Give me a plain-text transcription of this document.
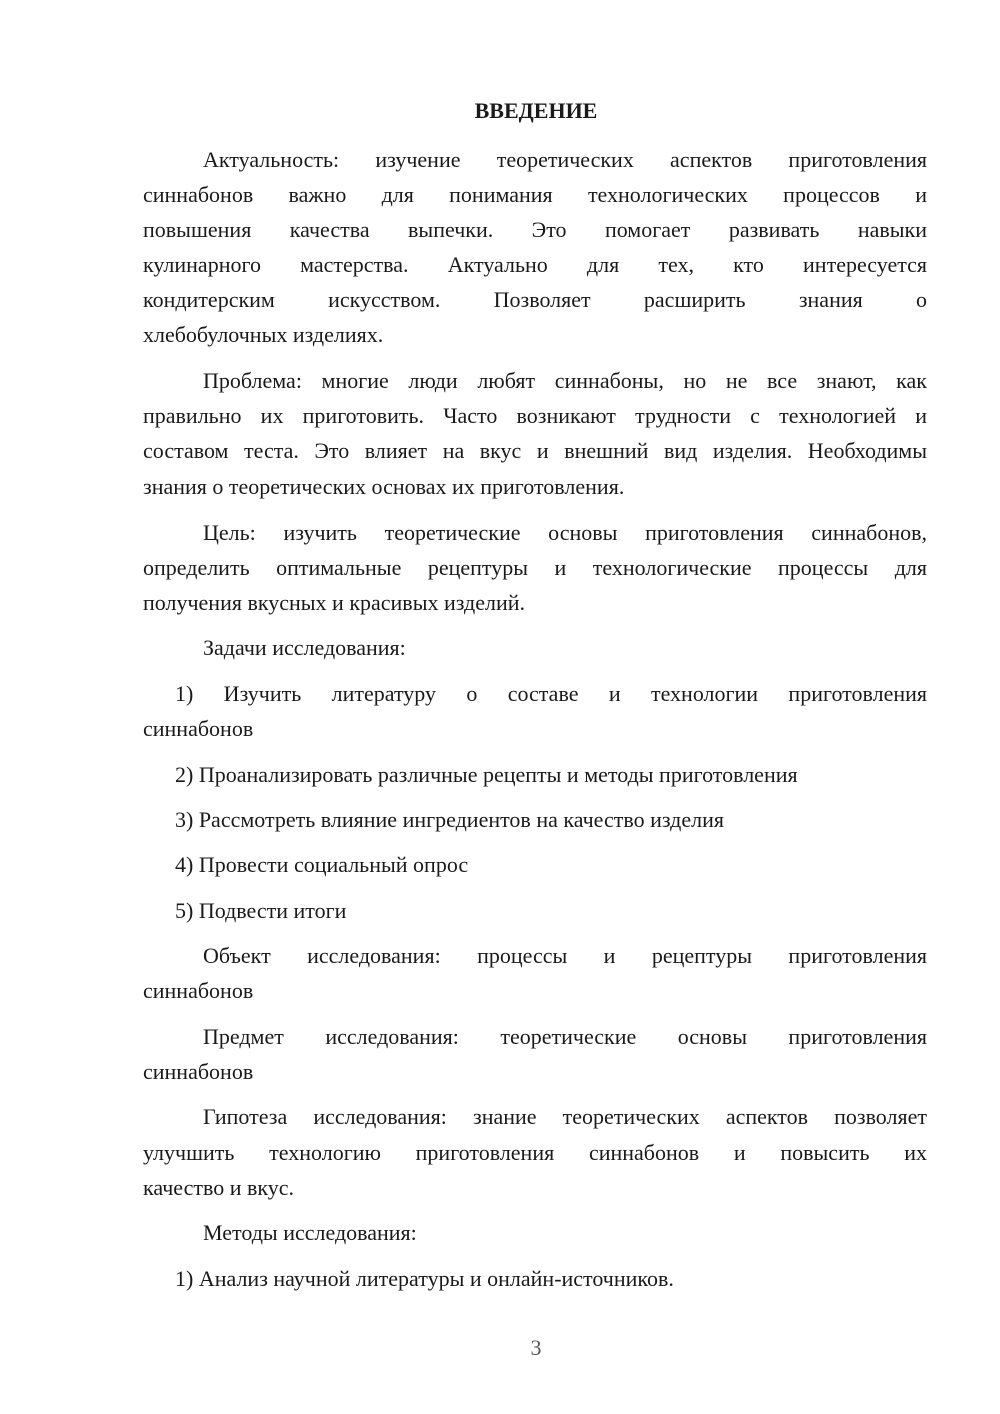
ВВЕДЕНИЕ
Актуальность: изучение теоретических аспектов приготовления
синнабонов важно для понимания технологических процессов и
повышения качества выпечки. Это помогает развивать навыки
кулинарного мастерства. Актуально для тех, кто интересуется
кондитерским искусством. Позволяет расширить знания о
хлебобулочных изделиях.
Проблема: многие люди любят синнабоны, но не все знают, как
правильно их приготовить. Часто возникают трудности с технологией и
составом теста. Это влияет на вкус и внешний вид изделия. Необходимы
знания о теоретических основах их приготовления.
Цель: изучить теоретические основы приготовления синнабонов,
определить оптимальные рецептуры и технологические процессы для
получения вкусных и красивых изделий.
Задачи исследования:
1) Изучить литературу о составе и технологии приготовления
синнабонов
2) Проанализировать различные рецепты и методы приготовления
3) Рассмотреть влияние ингредиентов на качество изделия
4) Провести социальный опрос
5) Подвести итоги
Объект исследования: процессы и рецептуры приготовления
синнабонов
Предмет исследования: теоретические основы приготовления
синнабонов
Гипотеза исследования: знание теоретических аспектов позволяет
улучшить технологию приготовления синнабонов и повысить их
качество и вкус.
Методы исследования:
1) Анализ научной литературы и онлайн-источников.
3
